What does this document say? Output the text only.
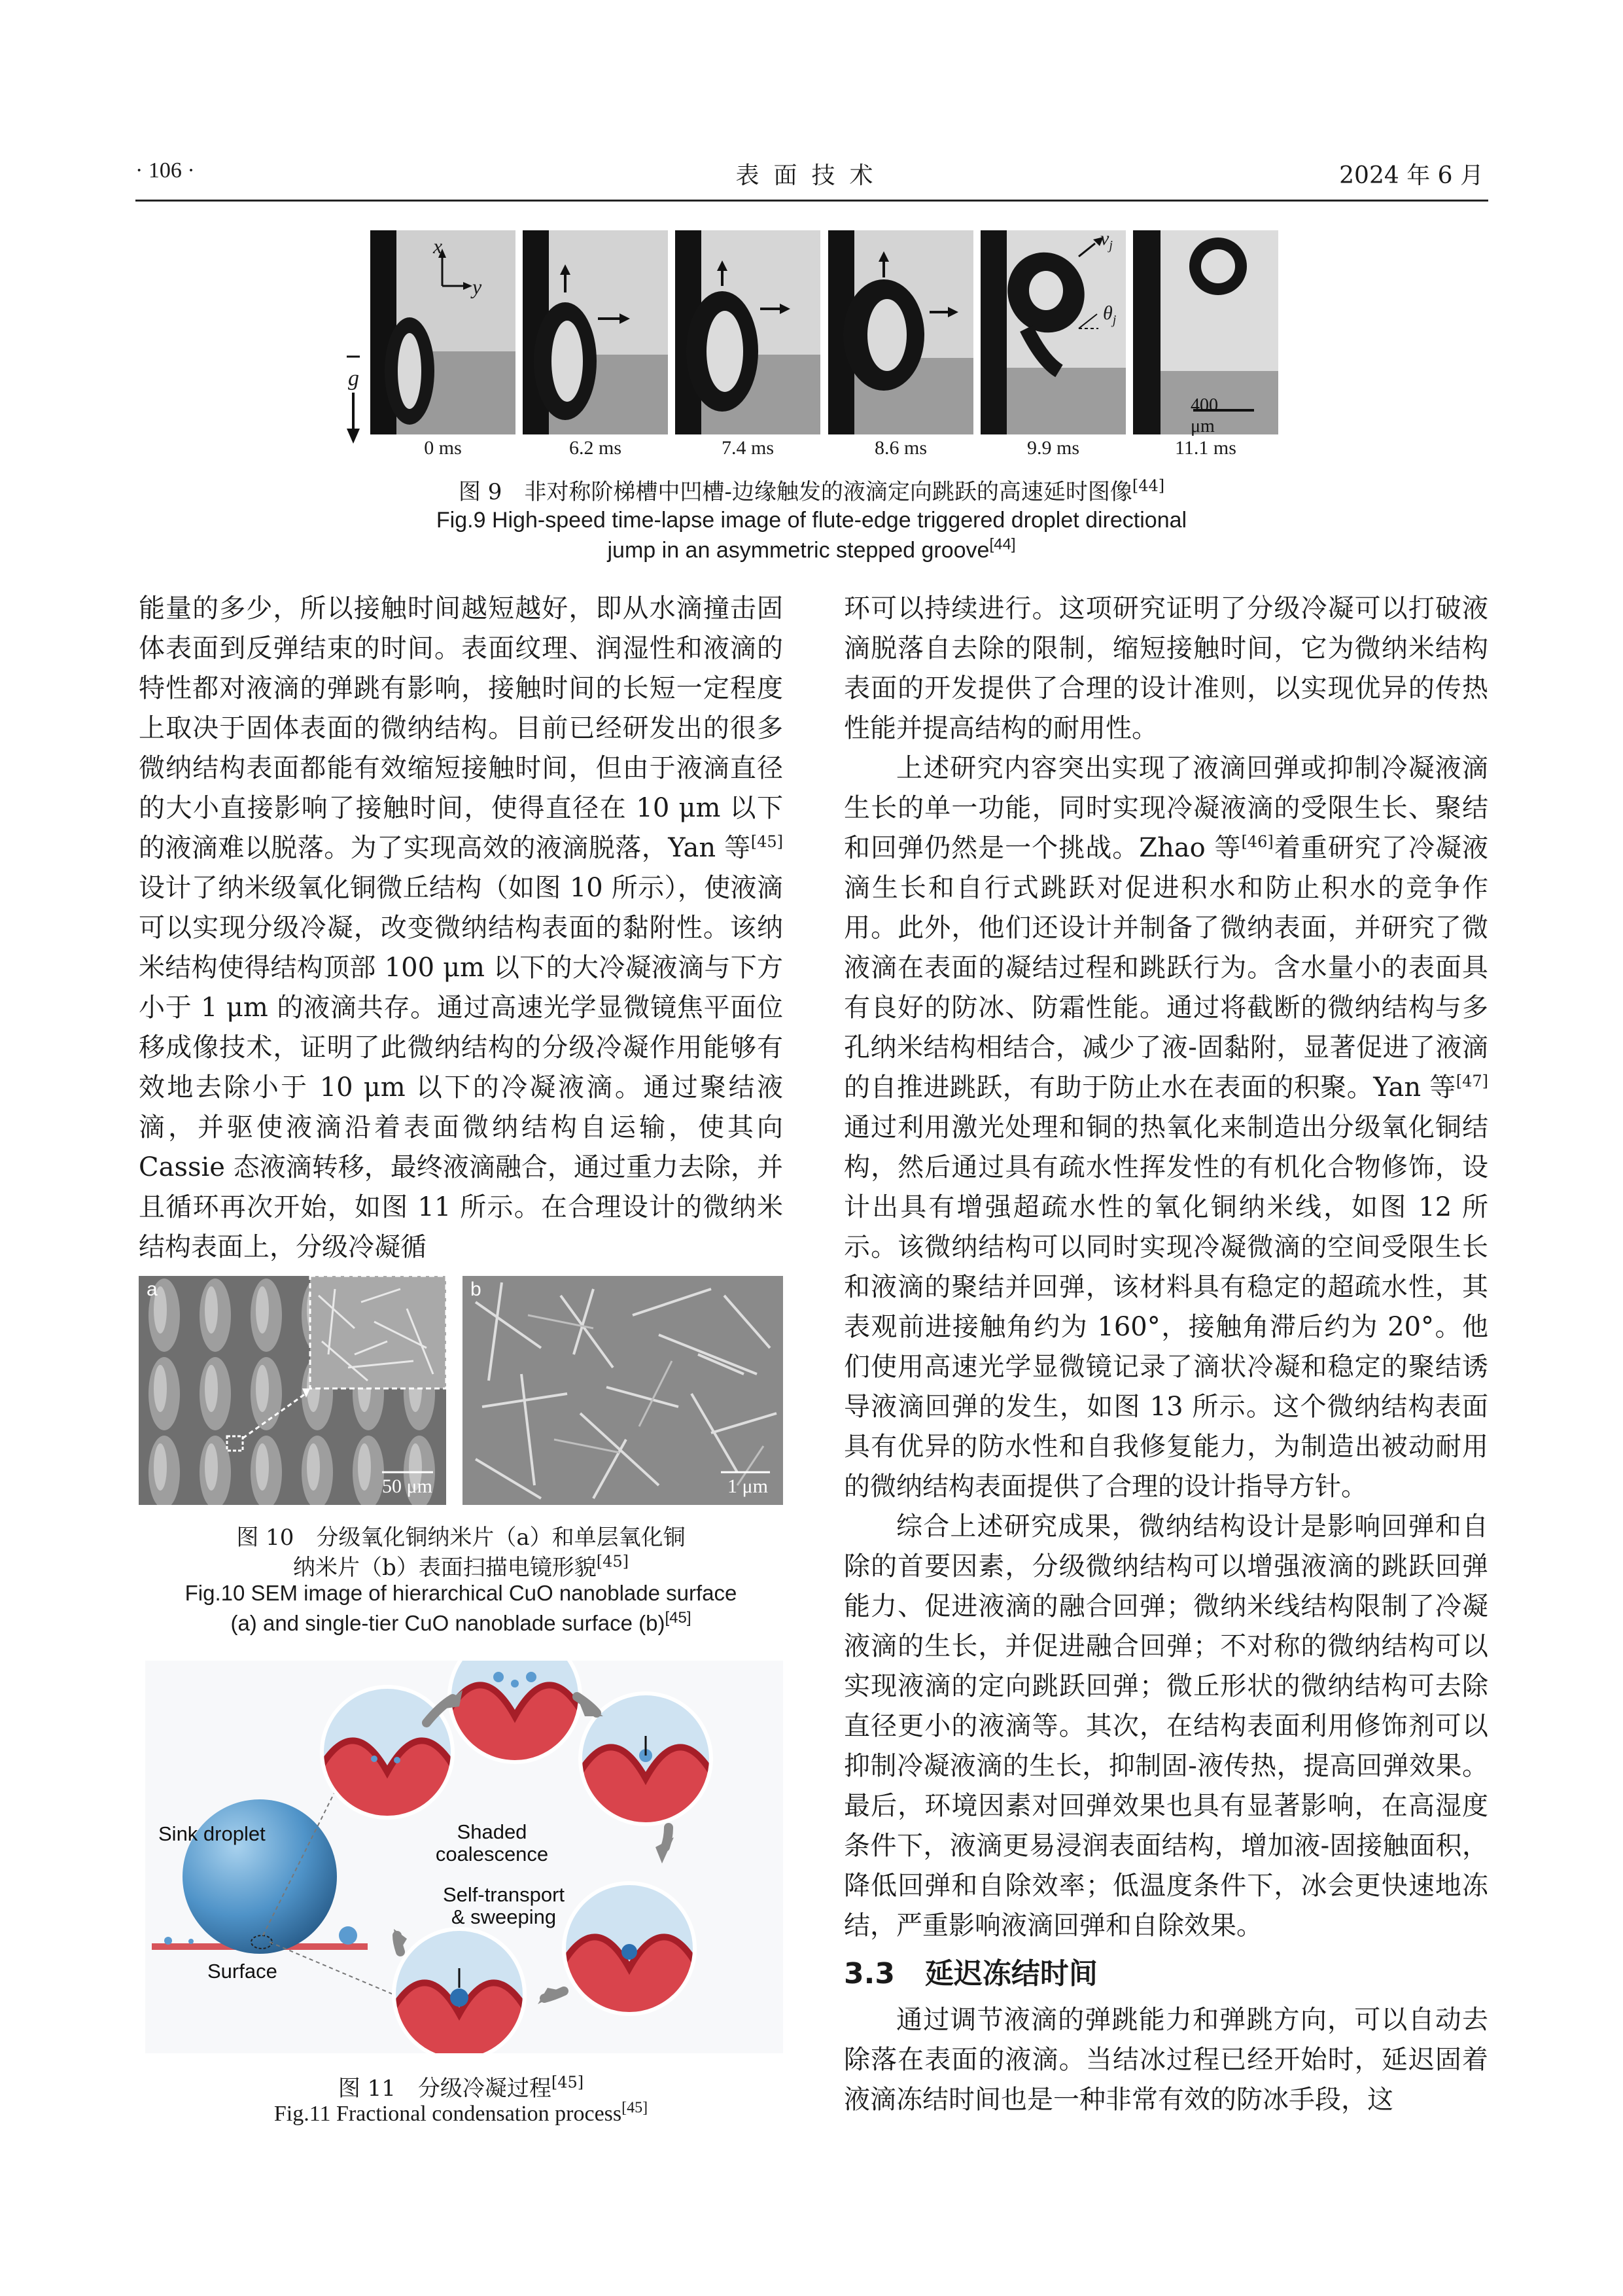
· 106 ·	表面技术	2024 年 6 月
g
x
y
$v_j$
$\theta_j$
400 μm
0 ms	6.2 ms	7.4 ms	8.6 ms	9.9 ms	11.1 ms
图 9　非对称阶梯槽中凹槽-边缘触发的液滴定向跳跃的高速延时图像[44]
Fig.9 High-speed time-lapse image of flute-edge triggered droplet directional
jump in an asymmetric stepped groove[44]

能量的多少，所以接触时间越短越好，即从水滴撞击固体表面到反弹结束的时间。表面纹理、润湿性和液滴的特性都对液滴的弹跳有影响，接触时间的长短一定程度上取决于固体表面的微纳结构。目前已经研发出的很多微纳结构表面都能有效缩短接触时间，但由于液滴直径的大小直接影响了接触时间，使得直径在 10 μm 以下的液滴难以脱落。为了实现高效的液滴脱落，Yan 等[45]设计了纳米级氧化铜微丘结构（如图 10 所示），使液滴可以实现分级冷凝，改变微纳结构表面的黏附性。该纳米结构使得结构顶部 100 μm 以下的大冷凝液滴与下方小于 1 μm 的液滴共存。通过高速光学显微镜焦平面位移成像技术，证明了此微纳结构的分级冷凝作用能够有效地去除小于 10 μm 以下的冷凝液滴。通过聚结液滴，并驱使液滴沿着表面微纳结构自运输，使其向 Cassie 态液滴转移，最终液滴融合，通过重力去除，并且循环再次开始，如图 11 所示。在合理设计的微纳米结构表面上，分级冷凝循

a
50 μm
b
1 μm
图 10　分级氧化铜纳米片（a）和单层氧化铜
纳米片（b）表面扫描电镜形貌[45]
Fig.10 SEM image of hierarchical CuO nanoblade surface
(a) and single-tier CuO nanoblade surface (b)[45]
Sink droplet
Surface
Shaded
coalescence
Self-transport
& sweeping
图 11　分级冷凝过程[45]
Fig.11 Fractional condensation process[45]

环可以持续进行。这项研究证明了分级冷凝可以打破液滴脱落自去除的限制，缩短接触时间，它为微纳米结构表面的开发提供了合理的设计准则，以实现优异的传热性能并提高结构的耐用性。

上述研究内容突出实现了液滴回弹或抑制冷凝液滴生长的单一功能，同时实现冷凝液滴的受限生长、聚结和回弹仍然是一个挑战。Zhao 等[46]着重研究了冷凝液滴生长和自行式跳跃对促进积水和防止积水的竞争作用。此外，他们还设计并制备了微纳表面，并研究了微液滴在表面的凝结过程和跳跃行为。含水量小的表面具有良好的防冰、防霜性能。通过将截断的微纳结构与多孔纳米结构相结合，减少了液-固黏附，显著促进了液滴的自推进跳跃，有助于防止水在表面的积聚。Yan 等[47]通过利用激光处理和铜的热氧化来制造出分级氧化铜结构，然后通过具有疏水性挥发性的有机化合物修饰，设计出具有增强超疏水性的氧化铜纳米线，如图 12 所示。该微纳结构可以同时实现冷凝微滴的空间受限生长和液滴的聚结并回弹，该材料具有稳定的超疏水性，其表观前进接触角约为 160°，接触角滞后约为 20°。他们使用高速光学显微镜记录了滴状冷凝和稳定的聚结诱导液滴回弹的发生，如图 13 所示。这个微纳结构表面具有优异的防水性和自我修复能力，为制造出被动耐用的微纳结构表面提供了合理的设计指导方针。

综合上述研究成果，微纳结构设计是影响回弹和自除的首要因素，分级微纳结构可以增强液滴的跳跃回弹能力、促进液滴的融合回弹；微纳米线结构限制了冷凝液滴的生长，并促进融合回弹；不对称的微纳结构可以实现液滴的定向跳跃回弹；微丘形状的微纳结构可去除直径更小的液滴等。其次，在结构表面利用修饰剂可以抑制冷凝液滴的生长，抑制固-液传热，提高回弹效果。最后，环境因素对回弹效果也具有显著影响，在高湿度条件下，液滴更易浸润表面结构，增加液-固接触面积，降低回弹和自除效率；低温度条件下，冰会更快速地冻结，严重影响液滴回弹和自除效果。

3.3 延迟冻结时间

通过调节液滴的弹跳能力和弹跳方向，可以自动去除落在表面的液滴。当结冰过程已经开始时，延迟固着液滴冻结时间也是一种非常有效的防冰手段，这
